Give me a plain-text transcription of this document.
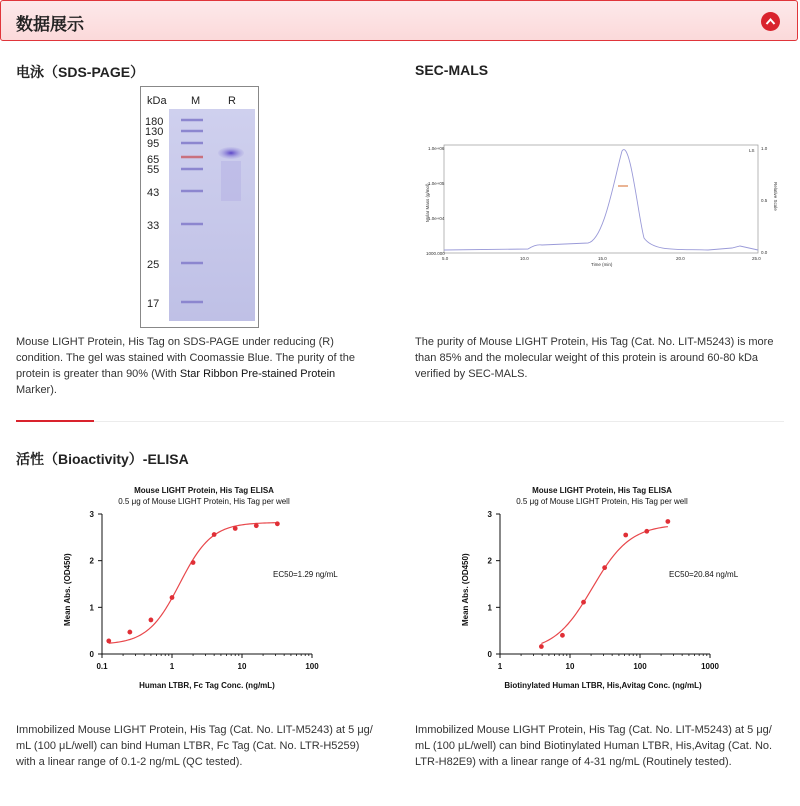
数据展示
电泳（SDS-PAGE）
kDa M	R
180
130
95
65
55
43
33
25
17
Mouse LIGHT Protein, His Tag on SDS-PAGE under reducing (R)
condition. The gel was stained with Coomassie Blue. The purity of the
protein is greater than 90% (With Star Ribbon Pre-stained Protein
Marker).
SEC-MALS
1.0e+06
1.0e+05
1.0e+04
1000.000
5.0	10.0	15.0	20.0	25.0
1.0
0.5
0.0
Time (min)
LS
Molar Mass (g/mol)	Relative Scale
The purity of Mouse LIGHT Protein, His Tag (Cat. No. LIT-M5243) is more
than 85% and the molecular weight of this protein is around 60-80 kDa
verified by SEC-MALS.
活性（Bioactivity）-ELISA
Mouse LIGHT Protein, His Tag ELISA
0.5 μg of Mouse LIGHT Protein, His Tag per well
Mean Abs. (OD450)
Human LTBR, Fc Tag Conc. (ng/mL)
EC50=1.29 ng/mL
0
1
2
3
0.1	1	10	100
Mouse LIGHT Protein, His Tag ELISA
0.5 μg of Mouse LIGHT Protein, His Tag per well
Mean Abs. (OD450)
Biotinylated Human LTBR, His,Avitag Conc. (ng/mL)
EC50=20.84 ng/mL
0
1
2
3
1	10	100	1000
Immobilized Mouse LIGHT Protein, His Tag (Cat. No. LIT-M5243) at 5 μg/
mL (100 μL/well) can bind Human LTBR, Fc Tag (Cat. No. LTR-H5259)
with a linear range of 0.1-2 ng/mL (QC tested).
Immobilized Mouse LIGHT Protein, His Tag (Cat. No. LIT-M5243) at 5 μg/
mL (100 μL/well) can bind Biotinylated Human LTBR, His,Avitag (Cat. No.
LTR-H82E9) with a linear range of 4-31 ng/mL (Routinely tested).
